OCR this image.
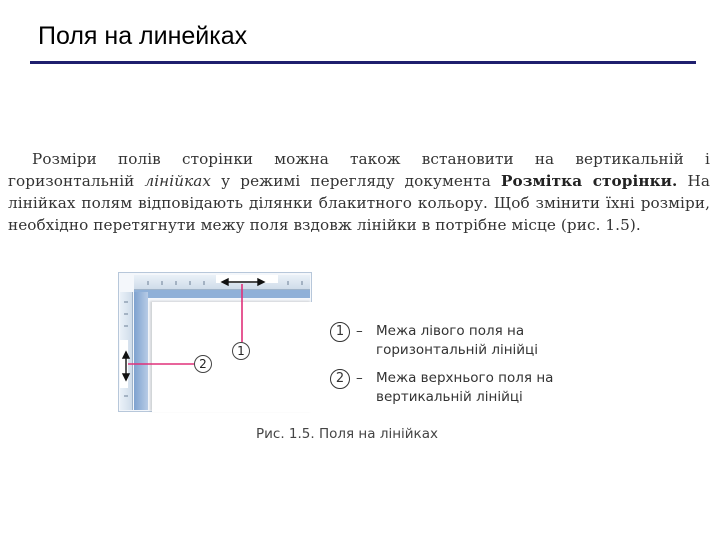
Поля на линейках
Розміри полів сторінки можна також встановити на вертикальній і горизонтальній лінійках у режимі перегляду документа Розмітка сторінки. На лінійках полям відповідають ділянки блакитного кольору. Щоб змінити їхні розміри, необхідно перетягнути межу поля вздовж лінійки в потрібне місце (рис. 1.5).
1
2
1 – Межа лівого поля на горизонтальній лінійці
2 – Межа верхнього поля на вертикальній лінійці
Рис. 1.5. Поля на лінійках
